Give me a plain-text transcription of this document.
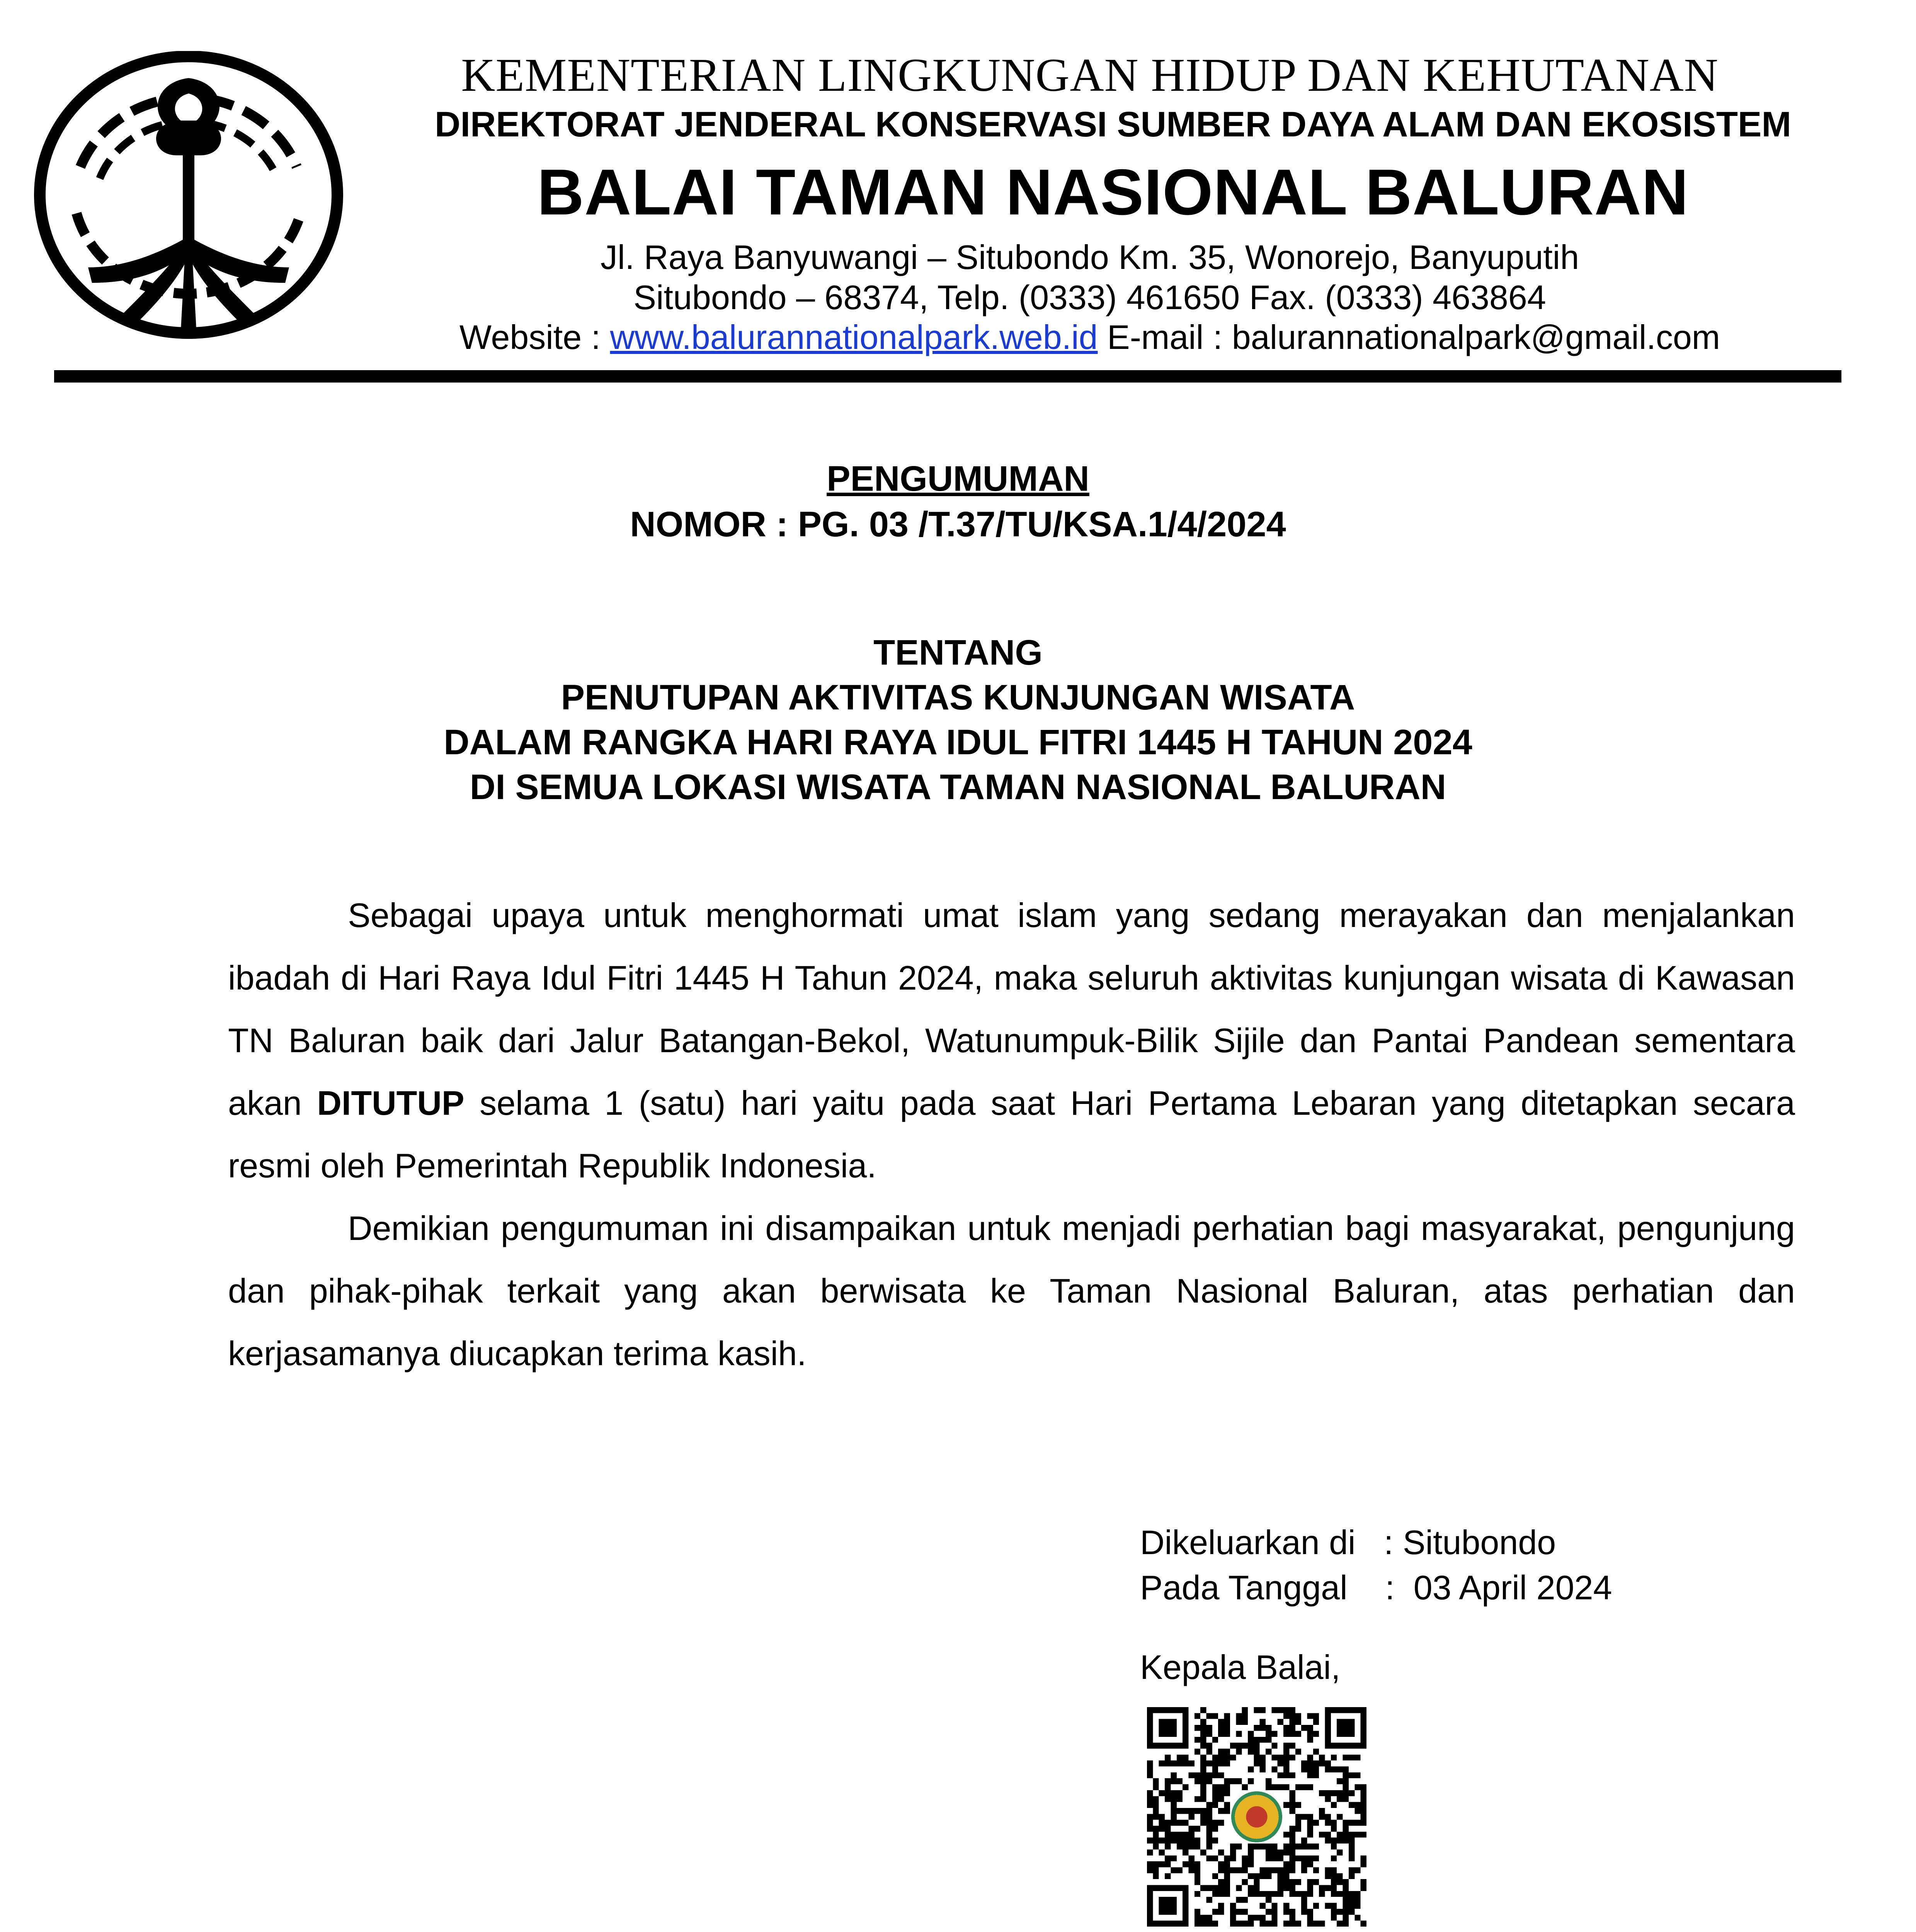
KEMENTERIAN LINGKUNGAN HIDUP DAN KEHUTANAN
DIREKTORAT JENDERAL KONSERVASI SUMBER DAYA ALAM DAN EKOSISTEM
BALAI TAMAN NASIONAL BALURAN
Jl. Raya Banyuwangi – Situbondo Km. 35, Wonorejo, Banyuputih
Situbondo – 68374, Telp. (0333) 461650 Fax. (0333) 463864
Website : www.balurannationalpark.web.id E-mail : balurannationalpark@gmail.com
PENGUMUMAN
NOMOR : PG. 03 /T.37/TU/KSA.1/4/2024
TENTANG
PENUTUPAN AKTIVITAS KUNJUNGAN WISATA
DALAM RANGKA HARI RAYA IDUL FITRI 1445 H TAHUN 2024
DI SEMUA LOKASI WISATA TAMAN NASIONAL BALURAN

Sebagai upaya untuk menghormati umat islam yang sedang merayakan dan menjalankan ibadah di Hari Raya Idul Fitri 1445 H Tahun 2024, maka seluruh aktivitas kunjungan wisata di Kawasan TN Baluran baik dari Jalur Batangan-Bekol, Watunumpuk-Bilik Sijile dan Pantai Pandean sementara akan DITUTUP selama 1 (satu) hari yaitu pada saat Hari Pertama Lebaran yang ditetapkan secara resmi oleh Pemerintah Republik Indonesia.

Demikian pengumuman ini disampaikan untuk menjadi perhatian bagi masyarakat, pengunjung dan pihak-pihak terkait yang akan berwisata ke Taman Nasional Baluran, atas perhatian dan kerjasamanya diucapkan terima kasih.

Dikeluarkan di   : Situbondo
Pada Tanggal    :  03 April 2024
Kepala Balai,
